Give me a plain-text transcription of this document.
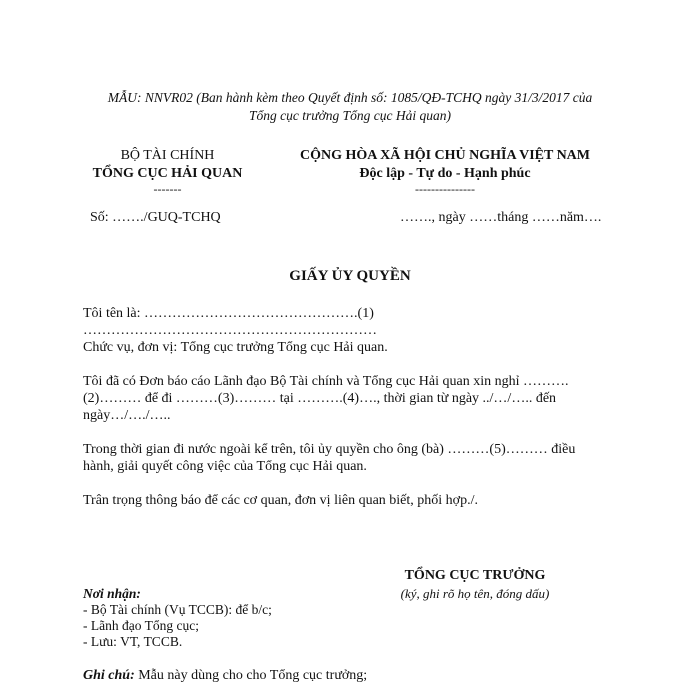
MẪU: NNVR02 (Ban hành kèm theo Quyết định số: 1085/QĐ-TCHQ ngày 31/3/2017 của
Tổng cục trưởng Tổng cục Hải quan)
BỘ TÀI CHÍNH
TỔNG CỤC HẢI QUAN
-------
Số: ……./GUQ-TCHQ
CỘNG HÒA XÃ HỘI CHỦ NGHĨA VIỆT NAM
Độc lập - Tự do - Hạnh phúc
---------------
……., ngày ……tháng ……năm….
GIẤY ỦY QUYỀN
Tôi tên là: ……………………………………….(1) ………………………………………………………
Chức vụ, đơn vị: Tổng cục trưởng Tổng cục Hải quan.
Tôi đã có Đơn báo cáo Lãnh đạo Bộ Tài chính và Tổng cục Hải quan xin nghỉ ……….
(2)……… để đi ………(3)……… tại ……….(4)…., thời gian từ ngày ../…/….. đến
ngày…/…./…..
Trong thời gian đi nước ngoài kể trên, tôi ủy quyền cho ông (bà) ………(5)……… điều
hành, giải quyết công việc của Tổng cục Hải quan.
Trân trọng thông báo để các cơ quan, đơn vị liên quan biết, phối hợp./.
TỔNG CỤC TRƯỞNG
(ký, ghi rõ họ tên, đóng dấu)
Nơi nhận:
- Bộ Tài chính (Vụ TCCB): để b/c;
- Lãnh đạo Tổng cục;
- Lưu: VT, TCCB.
Ghi chú: Mẫu này dùng cho cho Tổng cục trưởng;
